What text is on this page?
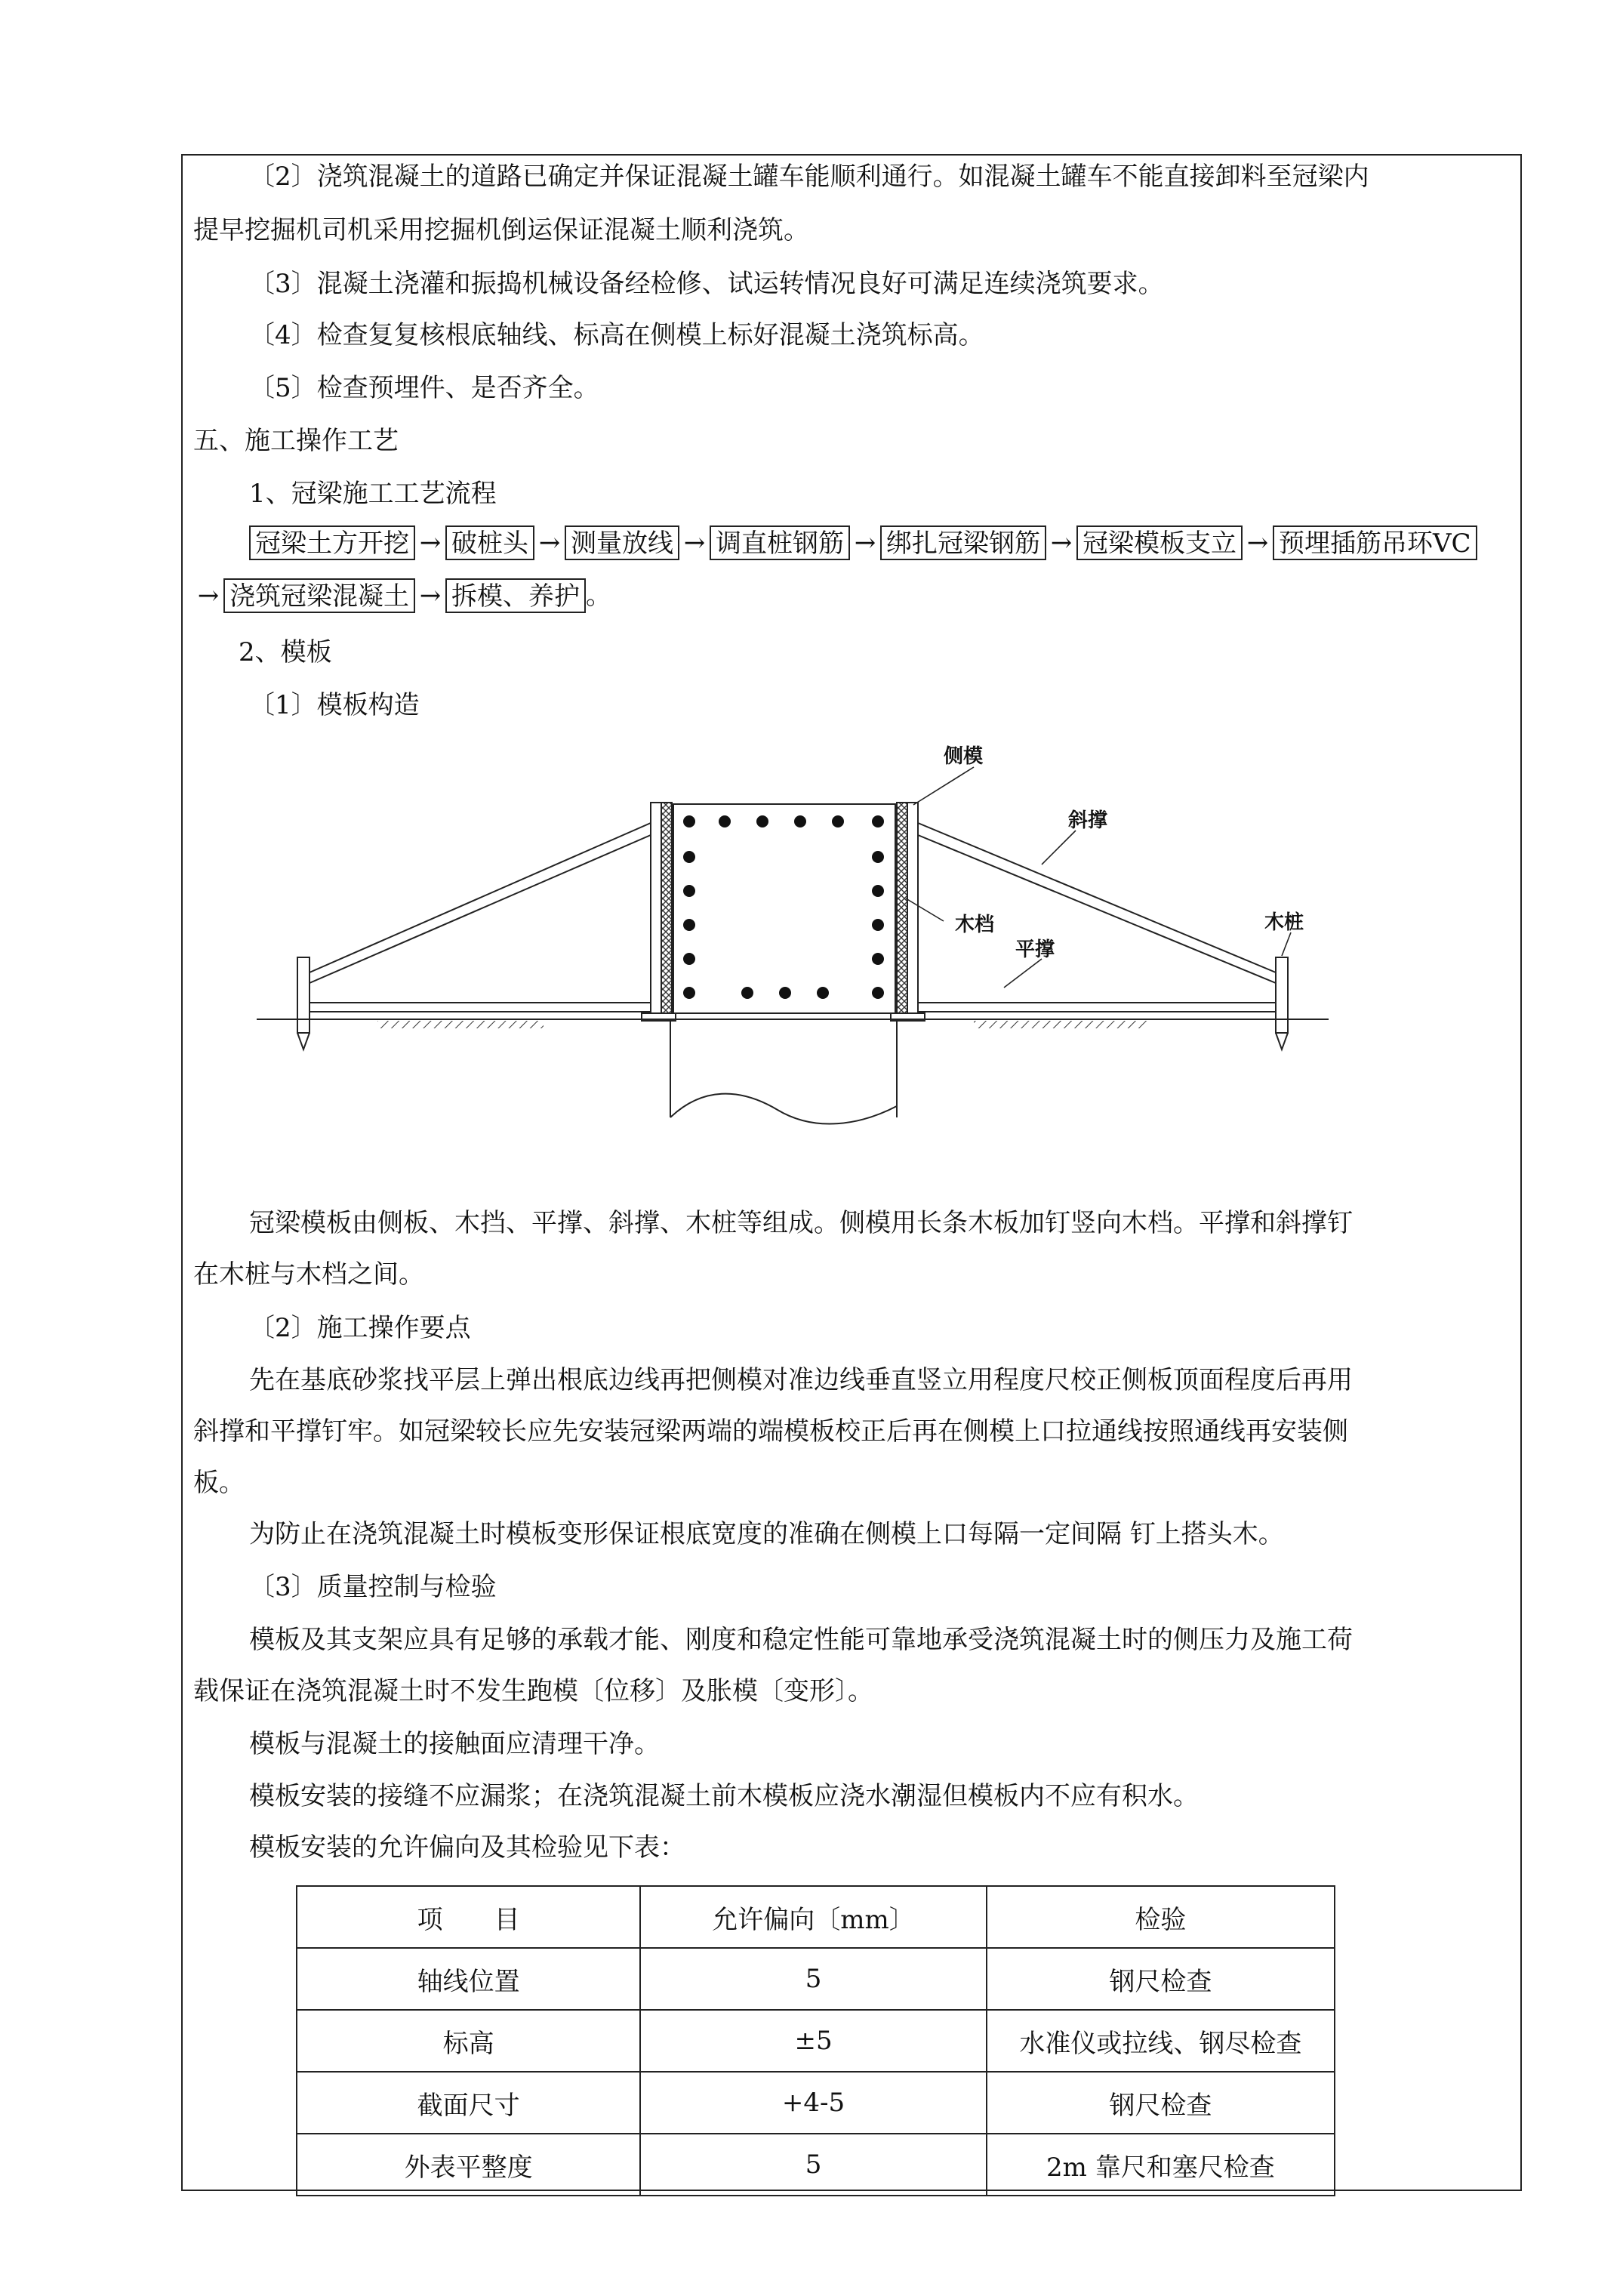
〔2〕浇筑混凝土的道路已确定并保证混凝土罐车能顺利通行。如混凝土罐车不能直接卸料至冠梁内
提早挖掘机司机采用挖掘机倒运保证混凝土顺利浇筑。
〔3〕混凝土浇灌和振捣机械设备经检修、试运转情况良好可满足连续浇筑要求。
〔4〕检查复复核根底轴线、标高在侧模上标好混凝土浇筑标高。
〔5〕检查预埋件、是否齐全。
五、施工操作工艺
1、冠梁施工工艺流程
冠梁土方开挖 → 破桩头 → 测量放线 → 调直桩钢筋 → 绑扎冠梁钢筋 → 冠梁模板支立 → 预埋插筋吊环VC
→ 浇筑冠梁混凝土 → 拆模、养护 。
2、模板
〔1〕模板构造
侧模
斜撑
木档	木桩
平撑
冠梁模板由侧板、木挡、平撑、斜撑、木桩等组成。侧模用长条木板加钉竖向木档。平撑和斜撑钉
在木桩与木档之间。
〔2〕施工操作要点
先在基底砂浆找平层上弹出根底边线再把侧模对准边线垂直竖立用程度尺校正侧板顶面程度后再用
斜撑和平撑钉牢。如冠梁较长应先安装冠梁两端的端模板校正后再在侧模上口拉通线按照通线再安装侧
板。
为防止在浇筑混凝土时模板变形保证根底宽度的准确在侧模上口每隔一定间隔 钉上搭头木。
〔3〕质量控制与检验
模板及其支架应具有足够的承载才能、刚度和稳定性能可靠地承受浇筑混凝土时的侧压力及施工荷
载保证在浇筑混凝土时不发生跑模〔位移〕及胀模〔变形〕。
模板与混凝土的接触面应清理干净。
模板安装的接缝不应漏浆；在浇筑混凝土前木模板应浇水潮湿但模板内不应有积水。
模板安装的允许偏向及其检验见下表：
项　　目	允许偏向〔mm〕	检验
轴线位置	5	钢尺检查
标高	±5	水准仪或拉线、钢尽检查
截面尺寸	+4-5	钢尺检查
外表平整度	5	2m 靠尺和塞尺检查
